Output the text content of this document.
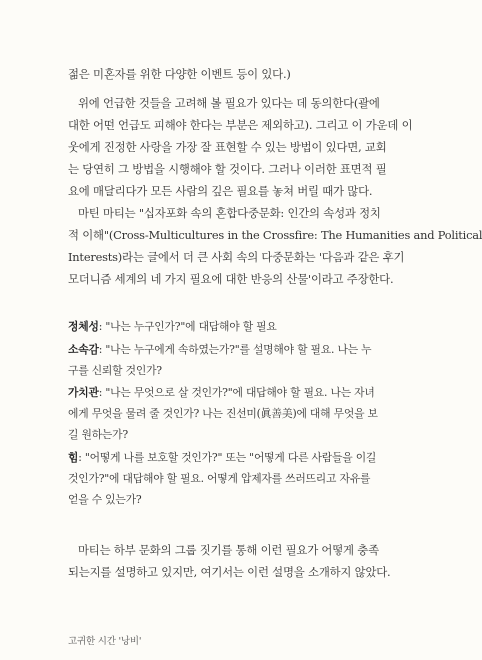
젊은 미혼자를 위한 다양한 이벤트 등이 있다.)
위에 언급한 것들을 고려해 볼 필요가 있다는 데 동의한다(괄에
대한 어떤 언급도 피해야 한다는 부분은 제외하고). 그리고 이 가운데 이
웃에게 진정한 사랑을 가장 잘 표현할 수 있는 방법이 있다면, 교회
는 당연히 그 방법을 시행해야 할 것이다. 그러나 이러한 표면적 필
요에 매달리다가 모든 사람의 깊은 필요를 놓쳐 버릴 때가 많다.
마틴 마티는 "십자포화 속의 혼합다중문화: 인간의 속성과 정치
적 이해"(Cross-Multicultures in the Crossfire: The Humanities and Political
Interests)라는 글에서 더 큰 사회 속의 다중문화는 '다음과 같은 후기
모더니즘 세계의 네 가지 필요에 대한 반응의 산물'이라고 주장한다.
정체성: "나는 누구인가?"에 대답해야 할 필요
소속감: "나는 누구에게 속하였는가?"를 설명해야 할 필요. 나는 누
구를 신뢰할 것인가?
가치관: "나는 무엇으로 살 것인가?"에 대답해야 할 필요. 나는 자녀
에게 무엇을 물려 줄 것인가? 나는 진선미(眞善美)에 대해 무엇을 보
길 원하는가?
힘: "어떻게 나를 보호할 것인가?" 또는 "어떻게 다른 사람들을 이길
것인가?"에 대답해야 할 필요. 어떻게 압제자를 쓰러뜨리고 자유를
얻을 수 있는가?
마티는 하부 문화의 그룹 짓기를 통해 이런 필요가 어떻게 충족
되는지를 설명하고 있지만, 여기서는 이런 설명을 소개하지 않았다.
고귀한 시간 '낭비'
